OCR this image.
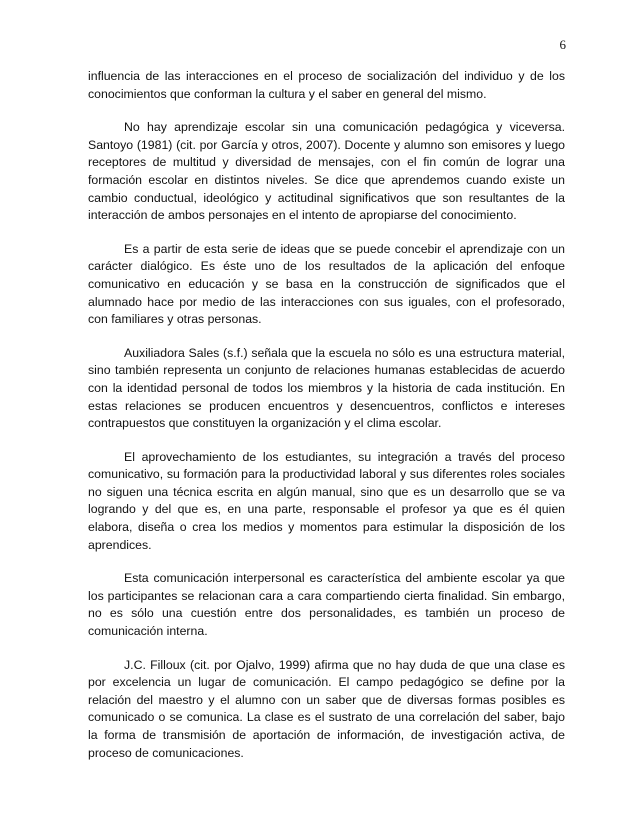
6

influencia de las interacciones en el proceso de socialización del individuo y de los conocimientos que conforman la cultura y el saber en general del mismo.

No hay aprendizaje escolar sin una comunicación pedagógica y viceversa. Santoyo (1981) (cit. por García y otros, 2007). Docente y alumno son emisores y luego receptores de multitud y diversidad de mensajes, con el fin común de lograr una formación escolar en distintos niveles. Se dice que aprendemos cuando existe un cambio conductual, ideológico y actitudinal significativos que son resultantes de la interacción de ambos personajes en el intento de apropiarse del conocimiento.

Es a partir de esta serie de ideas que se puede concebir el aprendizaje con un carácter dialógico. Es éste uno de los resultados de la aplicación del enfoque comunicativo en educación y se basa en la construcción de significados que el alumnado hace por medio de las interacciones con sus iguales, con el profesorado, con familiares y otras personas.

Auxiliadora Sales (s.f.) señala que la escuela no sólo es una estructura material, sino también representa un conjunto de relaciones humanas establecidas de acuerdo con la identidad personal de todos los miembros y la historia de cada institución. En estas relaciones se producen encuentros y desencuentros, conflictos e intereses contrapuestos que constituyen la organización y el clima escolar.

El aprovechamiento de los estudiantes, su integración a través del proceso comunicativo, su formación para la productividad laboral y sus diferentes roles sociales no siguen una técnica escrita en algún manual, sino que es un desarrollo que se va logrando y del que es, en una parte, responsable el profesor ya que es él quien elabora, diseña o crea los medios y momentos para estimular la disposición de los aprendices.

Esta comunicación interpersonal es característica del ambiente escolar ya que los participantes se relacionan cara a cara compartiendo cierta finalidad. Sin embargo, no es sólo una cuestión entre dos personalidades, es también un proceso de comunicación interna.

J.C. Filloux (cit. por Ojalvo, 1999) afirma que no hay duda de que una clase es por excelencia un lugar de comunicación. El campo pedagógico se define por la relación del maestro y el alumno con un saber que de diversas formas posibles es comunicado o se comunica. La clase es el sustrato de una correlación del saber, bajo la forma de transmisión de aportación de información, de investigación activa, de proceso de comunicaciones.
